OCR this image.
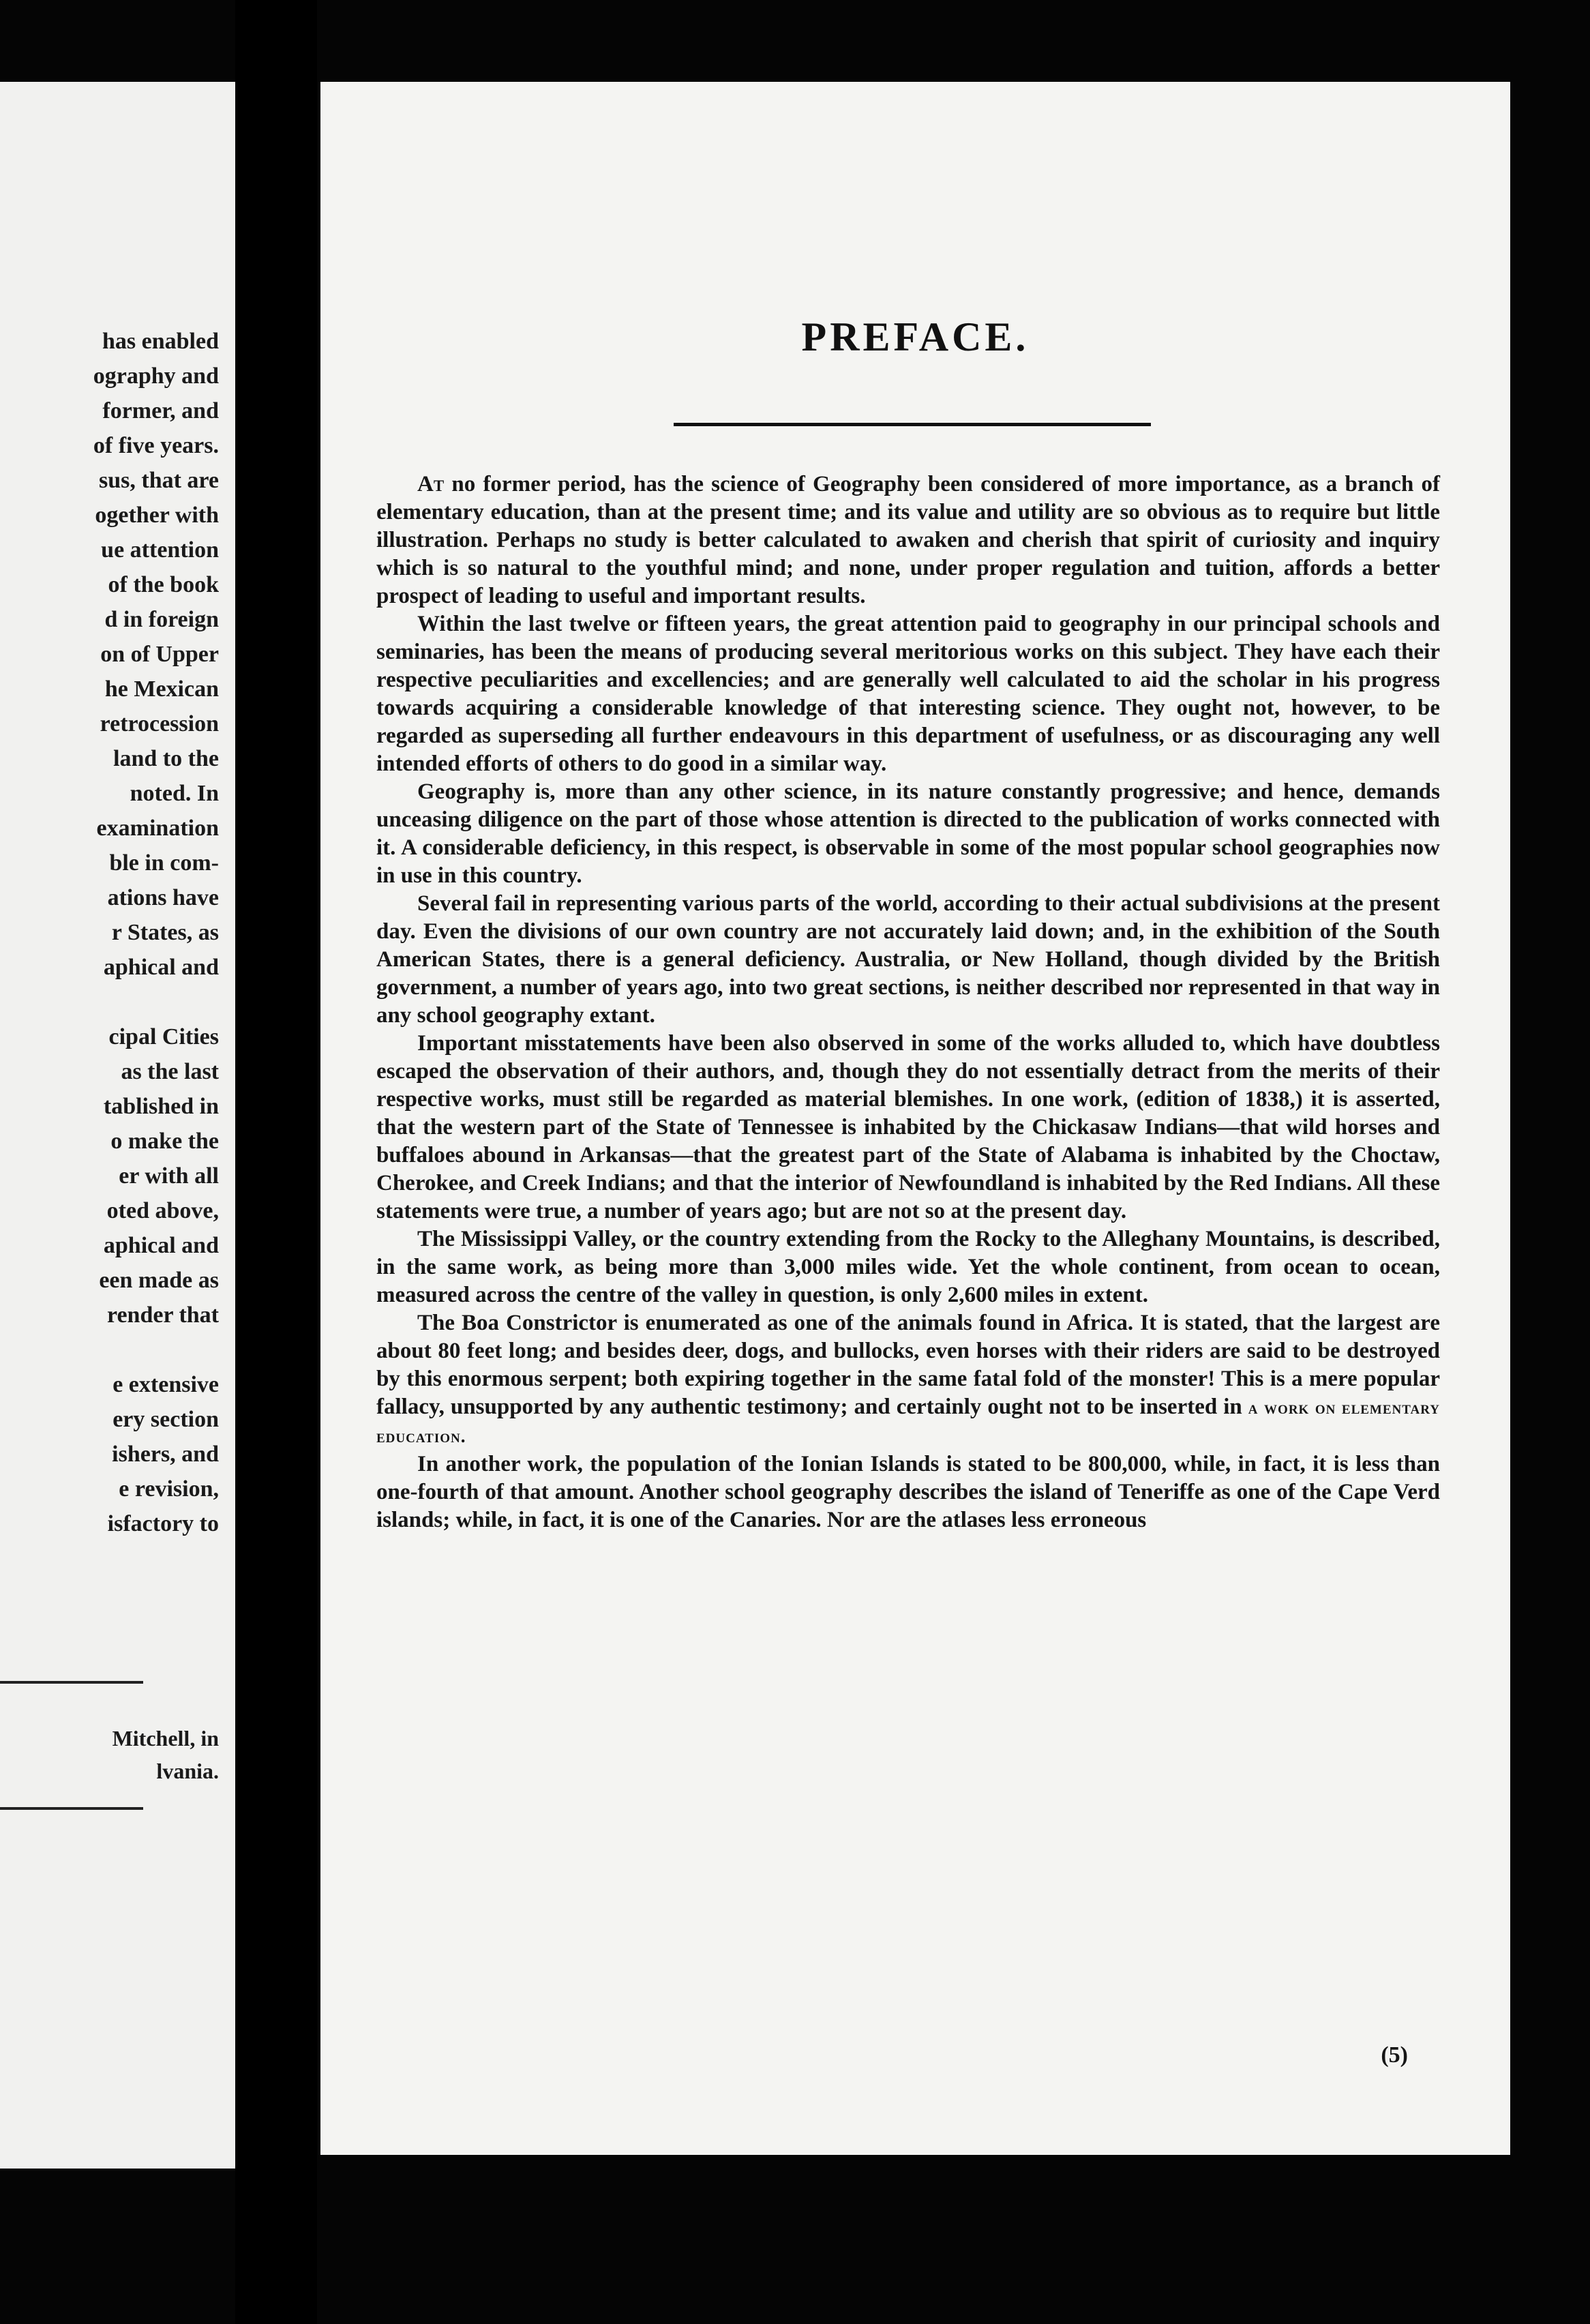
has enabled
ography and
former, and
of five years.
sus, that are
ogether with
ue attention
of the book
d in foreign
on of Upper
he Mexican
retrocession
land to the
noted. In
examination
ble in com-
ations have
r States, as
aphical and

cipal Cities
as the last
tablished in
o make the
er with all
oted above,
aphical and
een made as
render that

e extensive
ery section
ishers, and
e revision,
isfactory to
Mitchell, in
lvania.
PREFACE.

At no former period, has the science of Geography been considered of more importance, as a branch of elementary education, than at the present time; and its value and utility are so obvious as to require but little illustration. Perhaps no study is better calculated to awaken and cherish that spirit of curiosity and inquiry which is so natural to the youthful mind; and none, under proper regulation and tuition, affords a better prospect of leading to useful and important results.

Within the last twelve or fifteen years, the great attention paid to geography in our principal schools and seminaries, has been the means of producing several meritorious works on this subject. They have each their respective peculiarities and excellencies; and are generally well calculated to aid the scholar in his progress towards acquiring a considerable knowledge of that interesting science. They ought not, however, to be regarded as superseding all further endeavours in this department of usefulness, or as discouraging any well intended efforts of others to do good in a similar way.

Geography is, more than any other science, in its nature constantly progressive; and hence, demands unceasing diligence on the part of those whose attention is directed to the publication of works connected with it. A considerable deficiency, in this respect, is observable in some of the most popular school geographies now in use in this country.

Several fail in representing various parts of the world, according to their actual subdivisions at the present day. Even the divisions of our own country are not accurately laid down; and, in the exhibition of the South American States, there is a general deficiency. Australia, or New Holland, though divided by the British government, a number of years ago, into two great sections, is neither described nor represented in that way in any school geography extant.

Important misstatements have been also observed in some of the works alluded to, which have doubtless escaped the observation of their authors, and, though they do not essentially detract from the merits of their respective works, must still be regarded as material blemishes. In one work, (edition of 1838,) it is asserted, that the western part of the State of Tennessee is inhabited by the Chickasaw Indians—that wild horses and buffaloes abound in Arkansas—that the greatest part of the State of Alabama is inhabited by the Choctaw, Cherokee, and Creek Indians; and that the interior of Newfoundland is inhabited by the Red Indians. All these statements were true, a number of years ago; but are not so at the present day.

The Mississippi Valley, or the country extending from the Rocky to the Alleghany Mountains, is described, in the same work, as being more than 3,000 miles wide. Yet the whole continent, from ocean to ocean, measured across the centre of the valley in question, is only 2,600 miles in extent.

The Boa Constrictor is enumerated as one of the animals found in Africa. It is stated, that the largest are about 80 feet long; and besides deer, dogs, and bullocks, even horses with their riders are said to be destroyed by this enormous serpent; both expiring together in the same fatal fold of the monster! This is a mere popular fallacy, unsupported by any authentic testimony; and certainly ought not to be inserted in a work on elementary education.

In another work, the population of the Ionian Islands is stated to be 800,000, while, in fact, it is less than one-fourth of that amount. Another school geography describes the island of Teneriffe as one of the Cape Verd islands; while, in fact, it is one of the Canaries. Nor are the atlases less erroneous

(5)
